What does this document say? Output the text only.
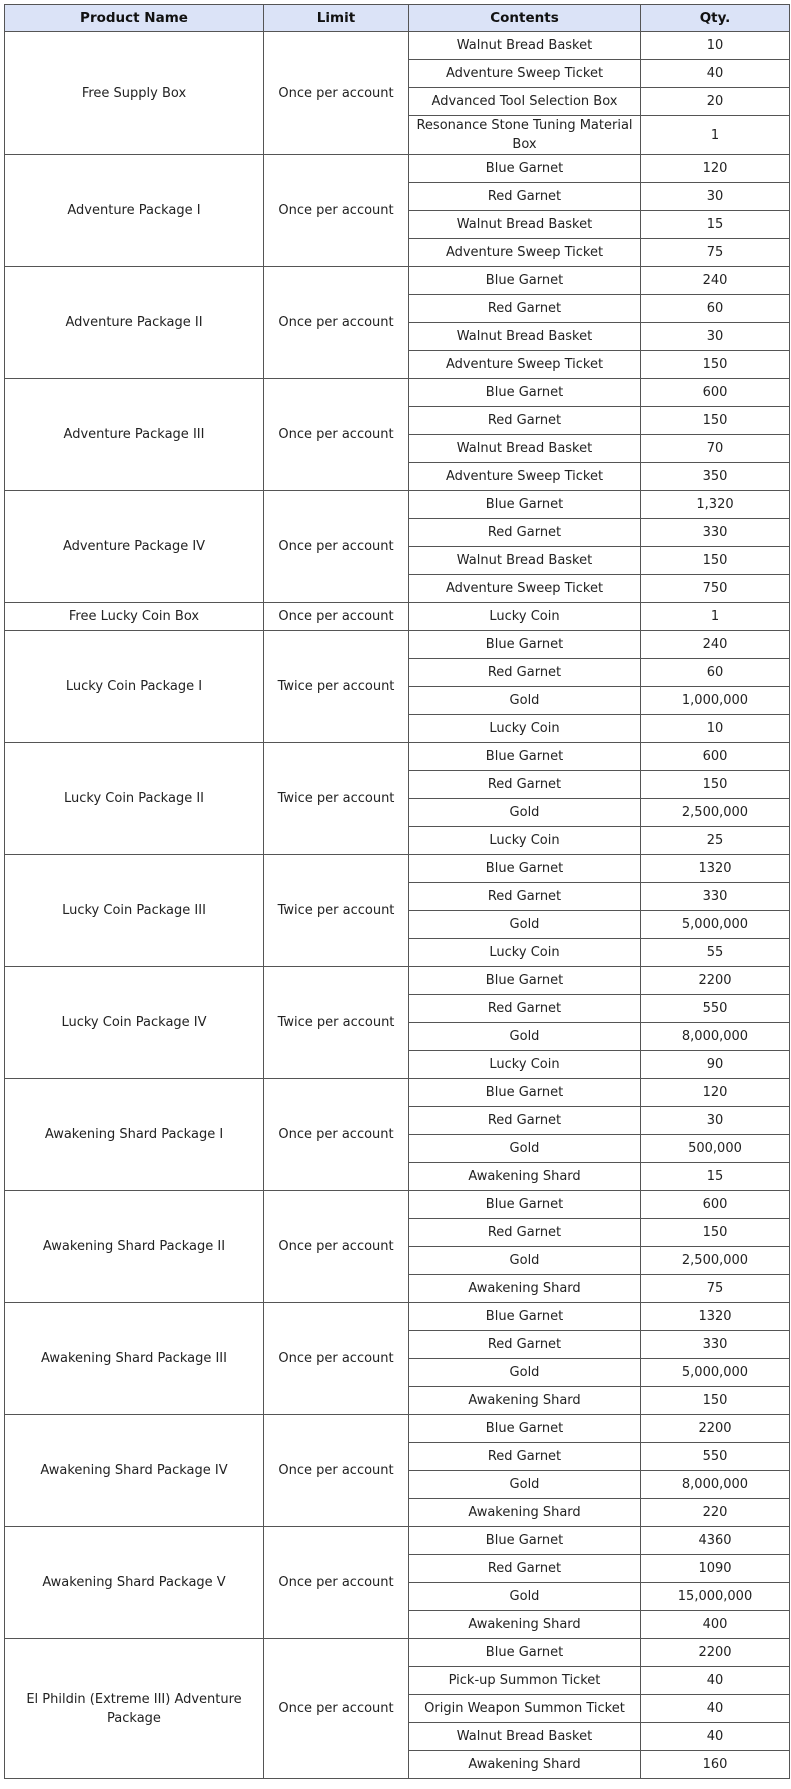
Product Name	Limit	Contents	Qty.
Free Supply Box	Once per account	Walnut Bread Basket	10
		Adventure Sweep Ticket	40
		Advanced Tool Selection Box	20
		Resonance Stone Tuning Material Box	1
Adventure Package I	Once per account	Blue Garnet	120
		Red Garnet	30
		Walnut Bread Basket	15
		Adventure Sweep Ticket	75
Adventure Package II	Once per account	Blue Garnet	240
		Red Garnet	60
		Walnut Bread Basket	30
		Adventure Sweep Ticket	150
Adventure Package III	Once per account	Blue Garnet	600
		Red Garnet	150
		Walnut Bread Basket	70
		Adventure Sweep Ticket	350
Adventure Package IV	Once per account	Blue Garnet	1,320
		Red Garnet	330
		Walnut Bread Basket	150
		Adventure Sweep Ticket	750
Free Lucky Coin Box	Once per account	Lucky Coin	1
Lucky Coin Package I	Twice per account	Blue Garnet	240
		Red Garnet	60
		Gold	1,000,000
		Lucky Coin	10
Lucky Coin Package II	Twice per account	Blue Garnet	600
		Red Garnet	150
		Gold	2,500,000
		Lucky Coin	25
Lucky Coin Package III	Twice per account	Blue Garnet	1320
		Red Garnet	330
		Gold	5,000,000
		Lucky Coin	55
Lucky Coin Package IV	Twice per account	Blue Garnet	2200
		Red Garnet	550
		Gold	8,000,000
		Lucky Coin	90
Awakening Shard Package I	Once per account	Blue Garnet	120
		Red Garnet	30
		Gold	500,000
		Awakening Shard	15
Awakening Shard Package II	Once per account	Blue Garnet	600
		Red Garnet	150
		Gold	2,500,000
		Awakening Shard	75
Awakening Shard Package III	Once per account	Blue Garnet	1320
		Red Garnet	330
		Gold	5,000,000
		Awakening Shard	150
Awakening Shard Package IV	Once per account	Blue Garnet	2200
		Red Garnet	550
		Gold	8,000,000
		Awakening Shard	220
Awakening Shard Package V	Once per account	Blue Garnet	4360
		Red Garnet	1090
		Gold	15,000,000
		Awakening Shard	400
El Phildin (Extreme III) Adventure Package	Once per account	Blue Garnet	2200
		Pick-up Summon Ticket	40
		Origin Weapon Summon Ticket	40
		Walnut Bread Basket	40
		Awakening Shard	160
